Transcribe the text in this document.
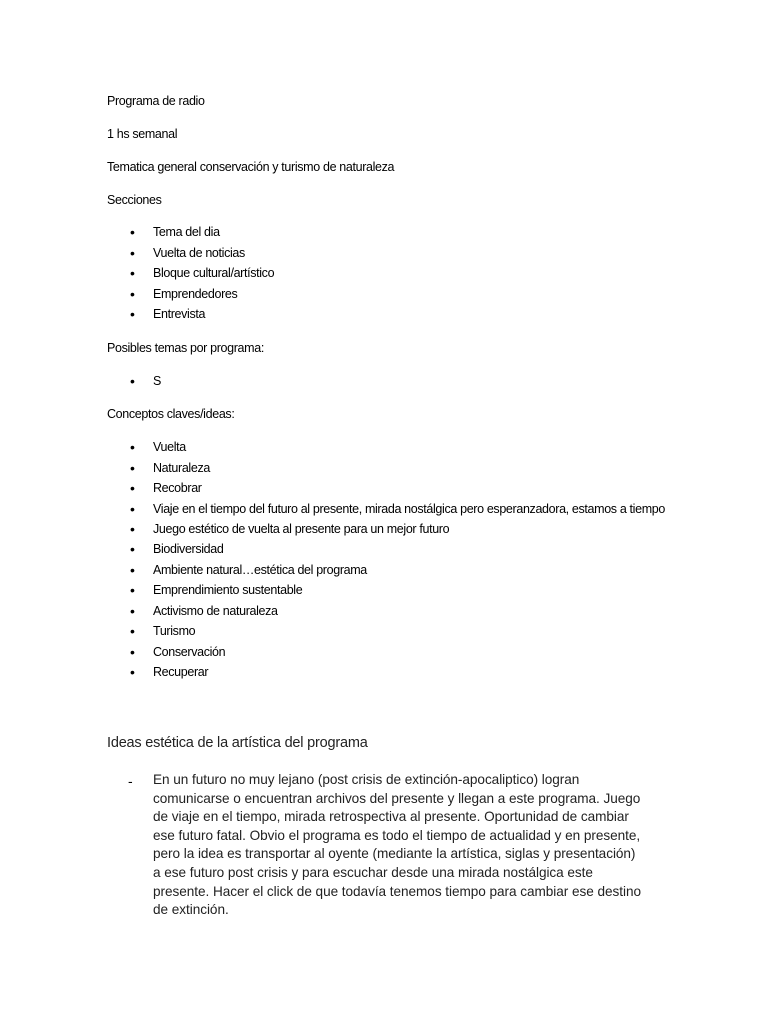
Programa de radio
1 hs semanal
Tematica general conservación y turismo de naturaleza
Secciones
• Tema del dia
• Vuelta de noticias
• Bloque cultural/artístico
• Emprendedores
• Entrevista
Posibles temas por programa:
• S
Conceptos claves/ideas:
• Vuelta
• Naturaleza
• Recobrar
• Viaje en el tiempo del futuro al presente, mirada nostálgica pero esperanzadora, estamos a tiempo
• Juego estético de vuelta al presente para un mejor futuro
• Biodiversidad
• Ambiente natural…estética del programa
• Emprendimiento sustentable
• Activismo de naturaleza
• Turismo
• Conservación
• Recuperar
Ideas estética de la artística del programa
- En un futuro no muy lejano (post crisis de extinción-apocaliptico) logran comunicarse o encuentran archivos del presente y llegan a este programa. Juego de viaje en el tiempo, mirada retrospectiva al presente. Oportunidad de cambiar ese futuro fatal. Obvio el programa es todo el tiempo de actualidad y en presente, pero la idea es transportar al oyente (mediante la artística, siglas y presentación) a ese futuro post crisis y para escuchar desde una mirada nostálgica este presente. Hacer el click de que todavía tenemos tiempo para cambiar ese destino de extinción.
